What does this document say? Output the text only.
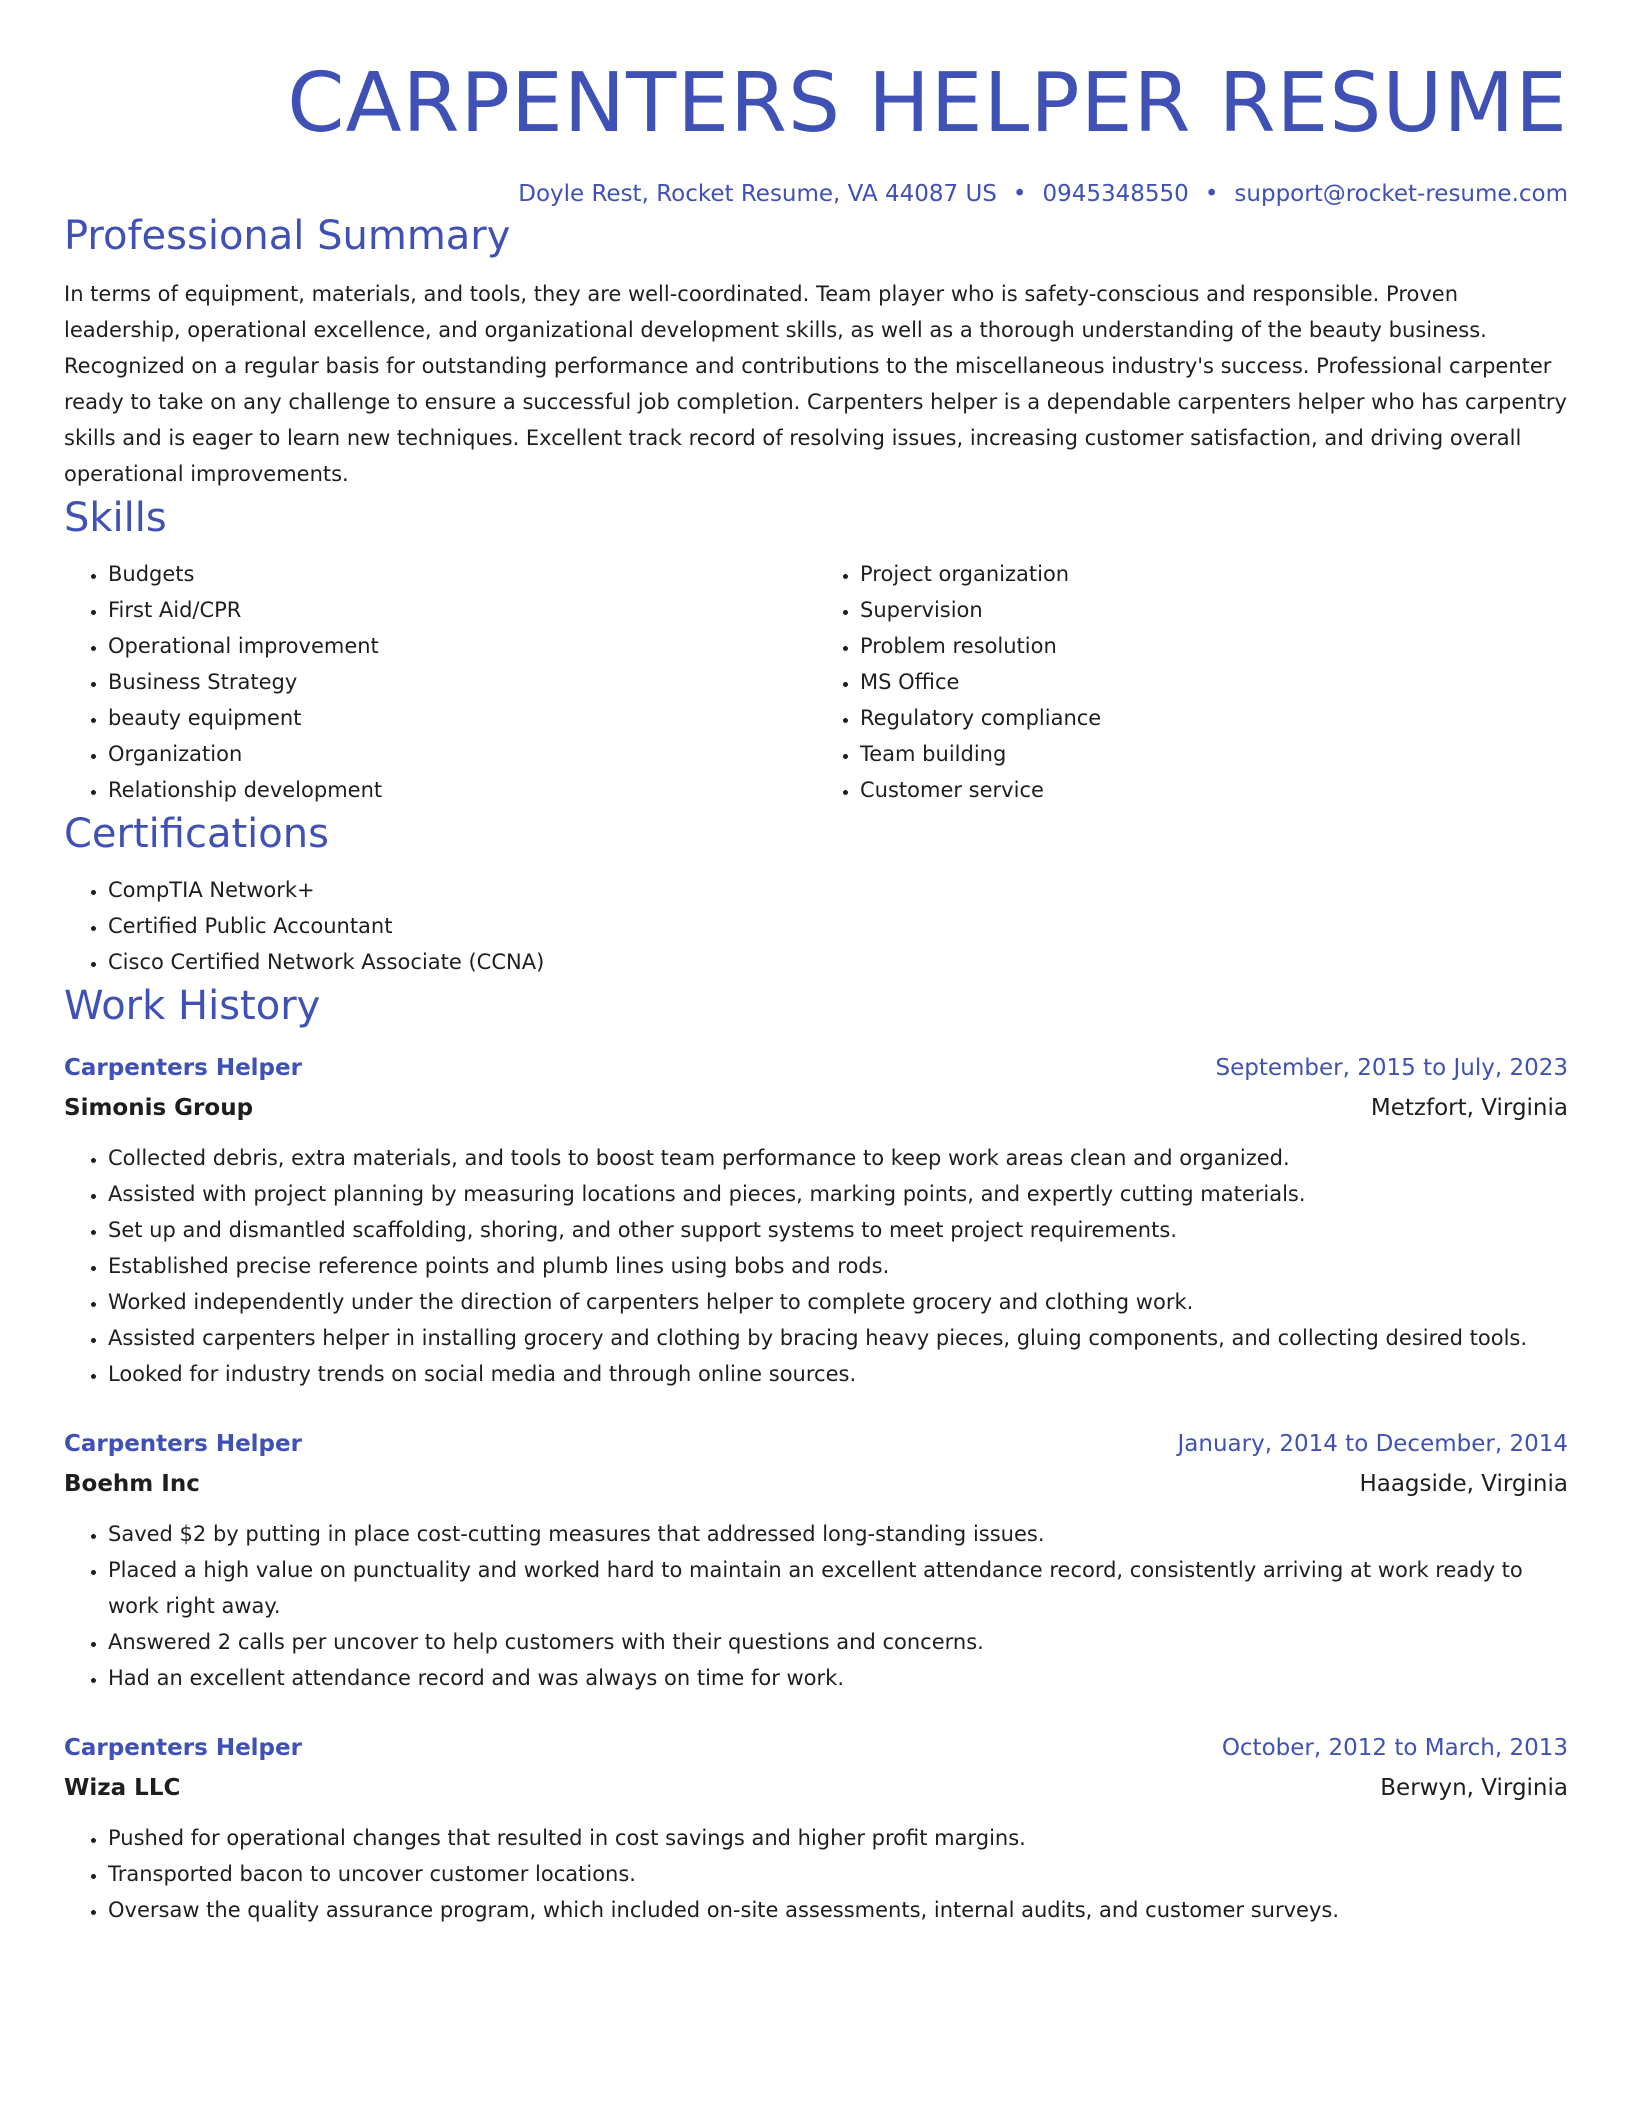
CARPENTERS HELPER RESUME
Doyle Rest, Rocket Resume, VA 44087 US • 0945348550 • support@rocket-resume.com
Professional Summary

In terms of equipment, materials, and tools, they are well-coordinated. Team player who is safety-conscious and responsible. Proven leadership, operational excellence, and organizational development skills, as well as a thorough understanding of the beauty business. Recognized on a regular basis for outstanding performance and contributions to the miscellaneous industry's success. Professional carpenter ready to take on any challenge to ensure a successful job completion. Carpenters helper is a dependable carpenters helper who has carpentry skills and is eager to learn new techniques. Excellent track record of resolving issues, increasing customer satisfaction, and driving overall operational improvements.

Skills
• Budgets
• First Aid/CPR
• Operational improvement
• Business Strategy
• beauty equipment
• Organization
• Relationship development
• Project organization
• Supervision
• Problem resolution
• MS Office
• Regulatory compliance
• Team building
• Customer service
Certifications
• CompTIA Network+
• Certified Public Accountant
• Cisco Certified Network Associate (CCNA)
Work History
Carpenters Helper	September, 2015 to July, 2023
Simonis Group	Metzfort, Virginia
• Collected debris, extra materials, and tools to boost team performance to keep work areas clean and organized.
• Assisted with project planning by measuring locations and pieces, marking points, and expertly cutting materials.
• Set up and dismantled scaffolding, shoring, and other support systems to meet project requirements.
• Established precise reference points and plumb lines using bobs and rods.
• Worked independently under the direction of carpenters helper to complete grocery and clothing work.
• Assisted carpenters helper in installing grocery and clothing by bracing heavy pieces, gluing components, and collecting desired tools.
• Looked for industry trends on social media and through online sources.
Carpenters Helper	January, 2014 to December, 2014
Boehm Inc	Haagside, Virginia
• Saved $2 by putting in place cost-cutting measures that addressed long-standing issues.
• Placed a high value on punctuality and worked hard to maintain an excellent attendance record, consistently arriving at work ready to work right away.
• Answered 2 calls per uncover to help customers with their questions and concerns.
• Had an excellent attendance record and was always on time for work.
Carpenters Helper	October, 2012 to March, 2013
Wiza LLC	Berwyn, Virginia
• Pushed for operational changes that resulted in cost savings and higher profit margins.
• Transported bacon to uncover customer locations.
• Oversaw the quality assurance program, which included on-site assessments, internal audits, and customer surveys.
